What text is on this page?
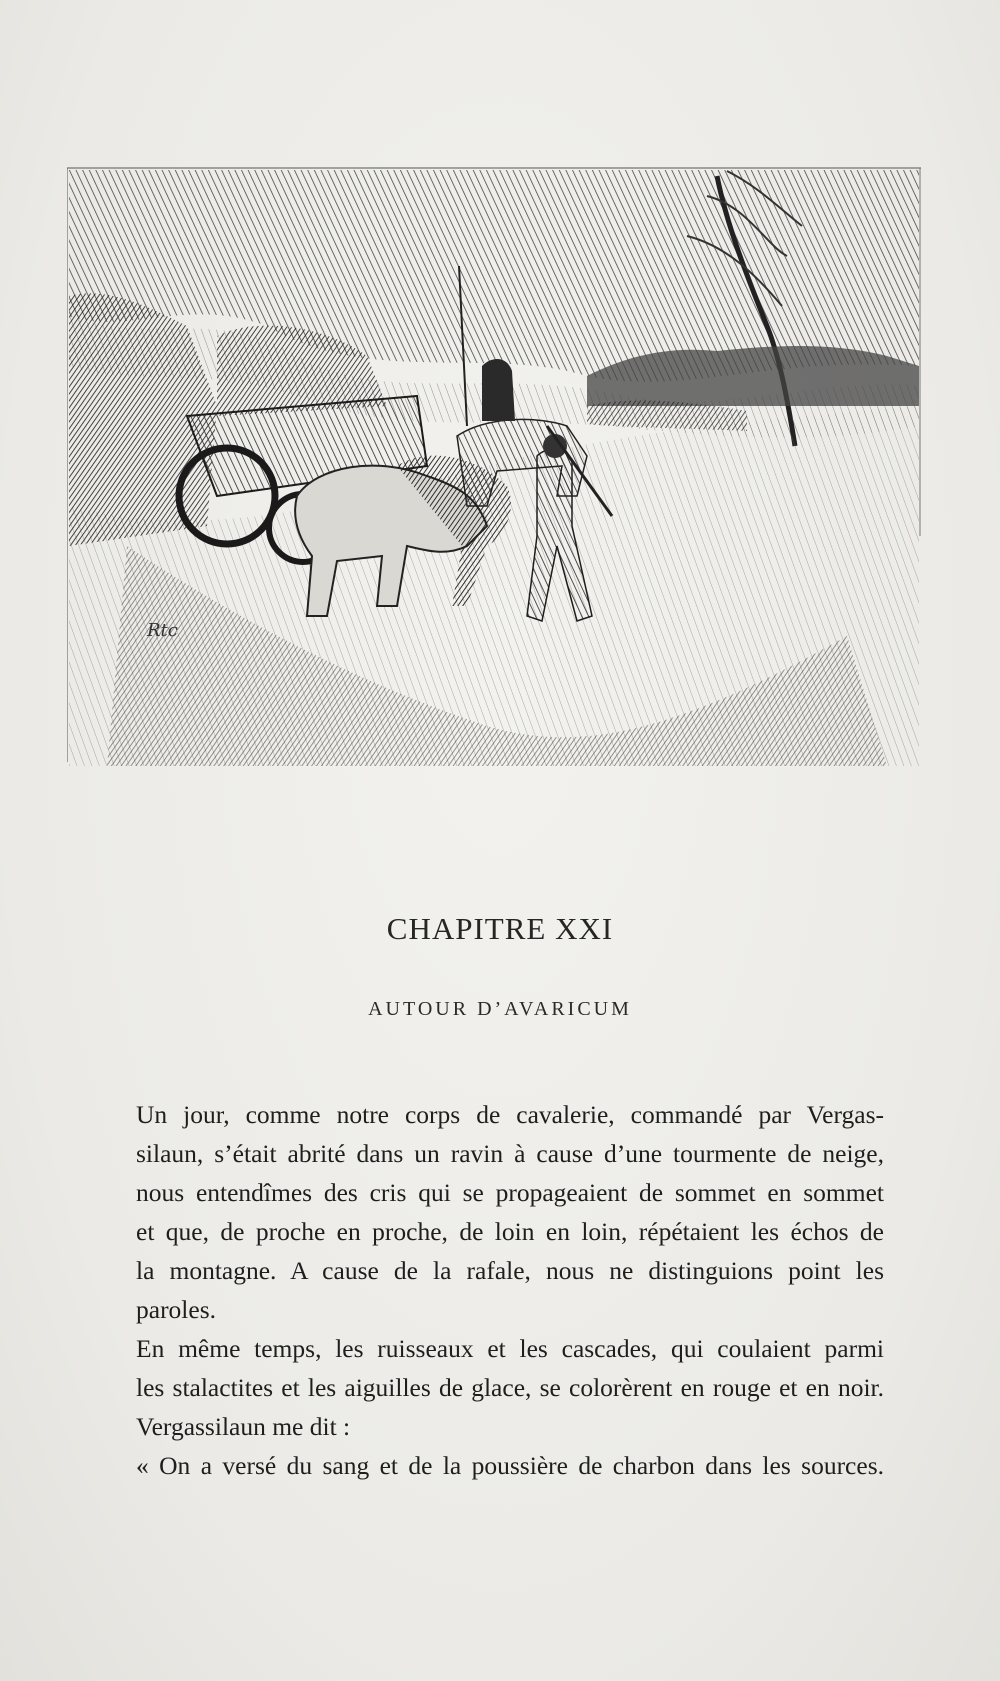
Rtc
CHAPITRE XXI
AUTOUR D’AVARICUM

Un jour, comme notre corps de cavalerie, commandé par Vergas-
silaun, s’était abrité dans un ravin à cause d’une tourmente de neige,
nous entendîmes des cris qui se propageaient de sommet en sommet
et que, de proche en proche, de loin en loin, répétaient les échos de
la montagne. A cause de la rafale, nous ne distinguions point les
paroles.

En même temps, les ruisseaux et les cascades, qui coulaient parmi
les stalactites et les aiguilles de glace, se colorèrent en rouge et en noir.

Vergassilaun me dit :

« On a versé du sang et de la poussière de charbon dans les sources.
